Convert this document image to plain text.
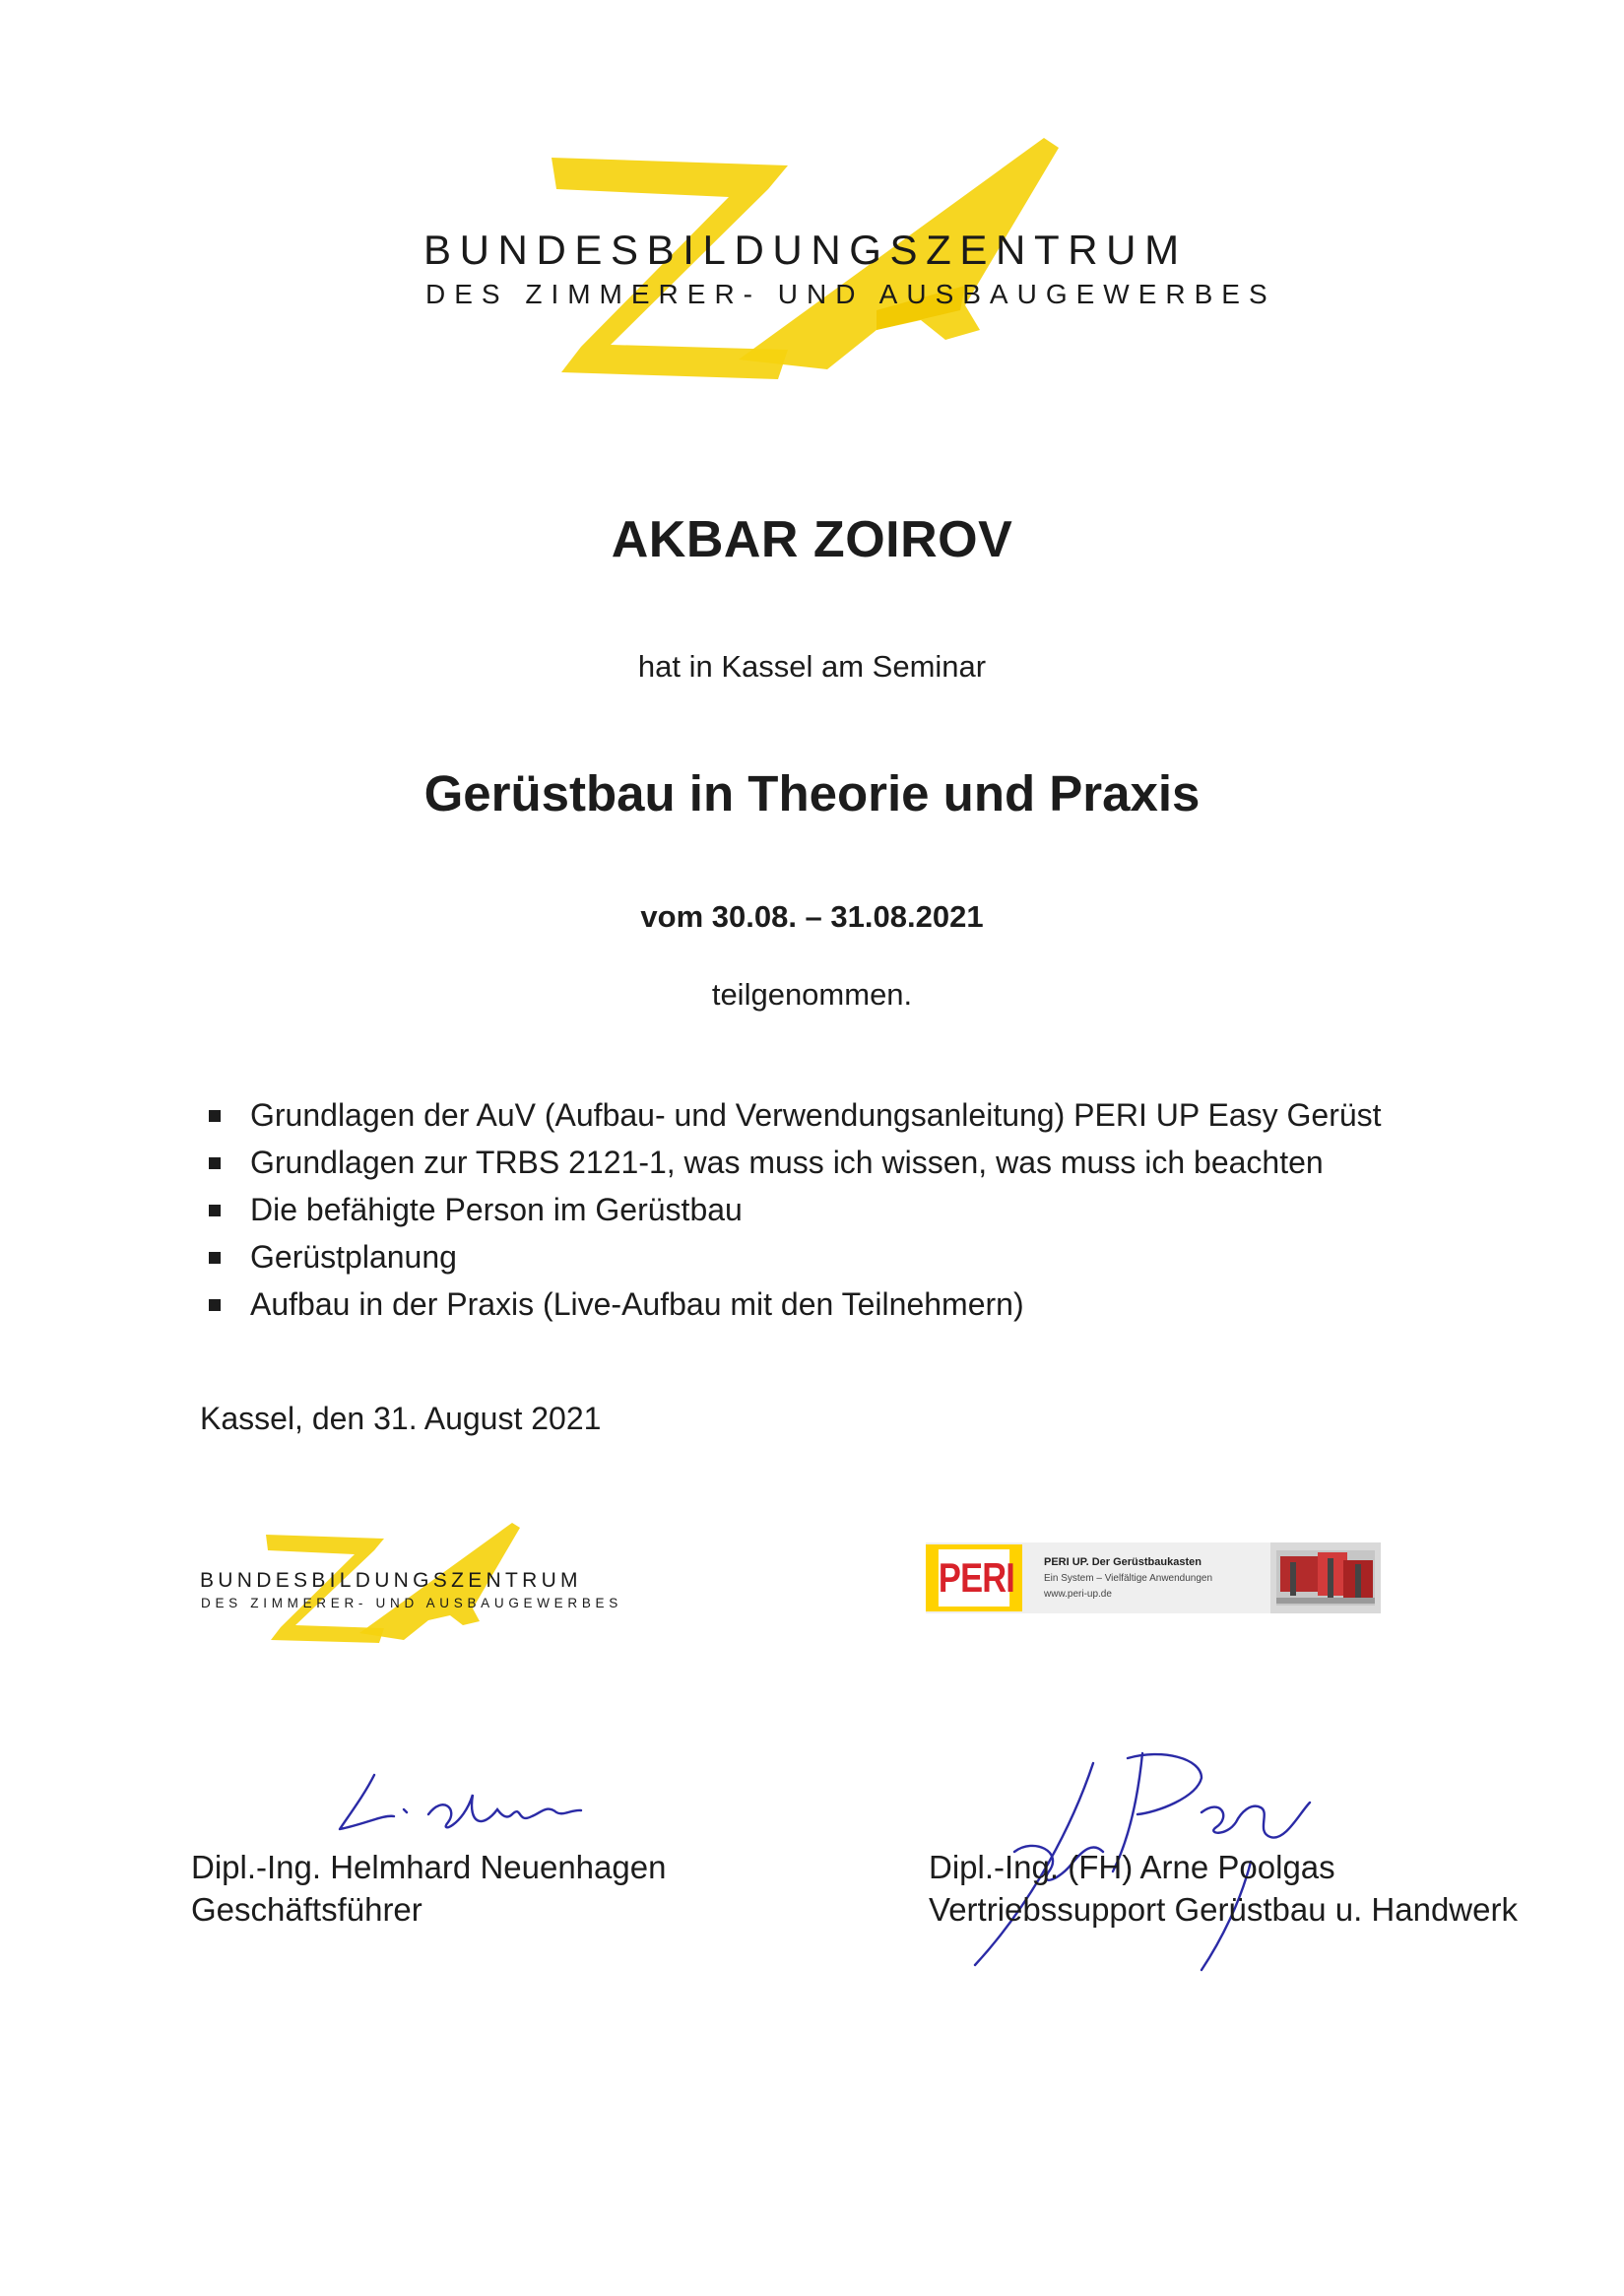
BUNDESBILDUNGSZENTRUM
DES ZIMMERER- UND AUSBAUGEWERBES
AKBAR ZOIROV
hat in Kassel am Seminar
Gerüstbau in Theorie und Praxis
vom 30.08. – 31.08.2021
teilgenommen.
Grundlagen der AuV (Aufbau- und Verwendungsanleitung) PERI UP Easy Gerüst
Grundlagen zur TRBS 2121-1, was muss ich wissen, was muss ich beachten
Die befähigte Person im Gerüstbau
Gerüstplanung
Aufbau in der Praxis (Live-Aufbau mit den Teilnehmern)
Kassel, den 31. August 2021
BUNDESBILDUNGSZENTRUM
DES ZIMMERER- UND AUSBAUGEWERBES
PERI	PERI UP. Der Gerüstbaukasten
Ein System – Vielfältige Anwendungen
www.peri-up.de
Dipl.-Ing. Helmhard Neuenhagen
Geschäftsführer
Dipl.-Ing. (FH) Arne Poolgas
Vertriebssupport Gerüstbau u. Handwerk
